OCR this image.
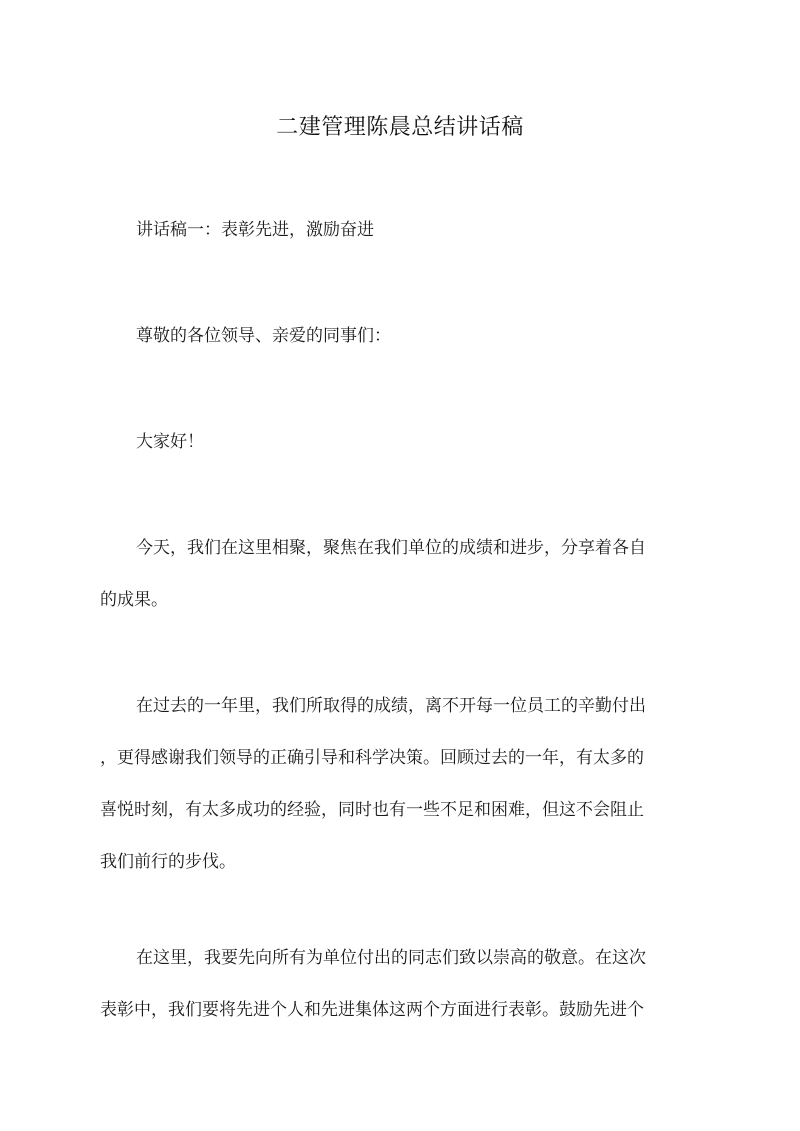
二建管理陈晨总结讲话稿

讲话稿一：表彰先进，激励奋进

尊敬的各位领导、亲爱的同事们：

大家好！

今天，我们在这里相聚，聚焦在我们单位的成绩和进步，分享着各自
的成果。

在过去的一年里，我们所取得的成绩，离不开每一位员工的辛勤付出
，更得感谢我们领导的正确引导和科学决策。回顾过去的一年，有太多的
喜悦时刻，有太多成功的经验，同时也有一些不足和困难，但这不会阻止
我们前行的步伐。

在这里，我要先向所有为单位付出的同志们致以崇高的敬意。在这次
表彰中，我们要将先进个人和先进集体这两个方面进行表彰。鼓励先进个
